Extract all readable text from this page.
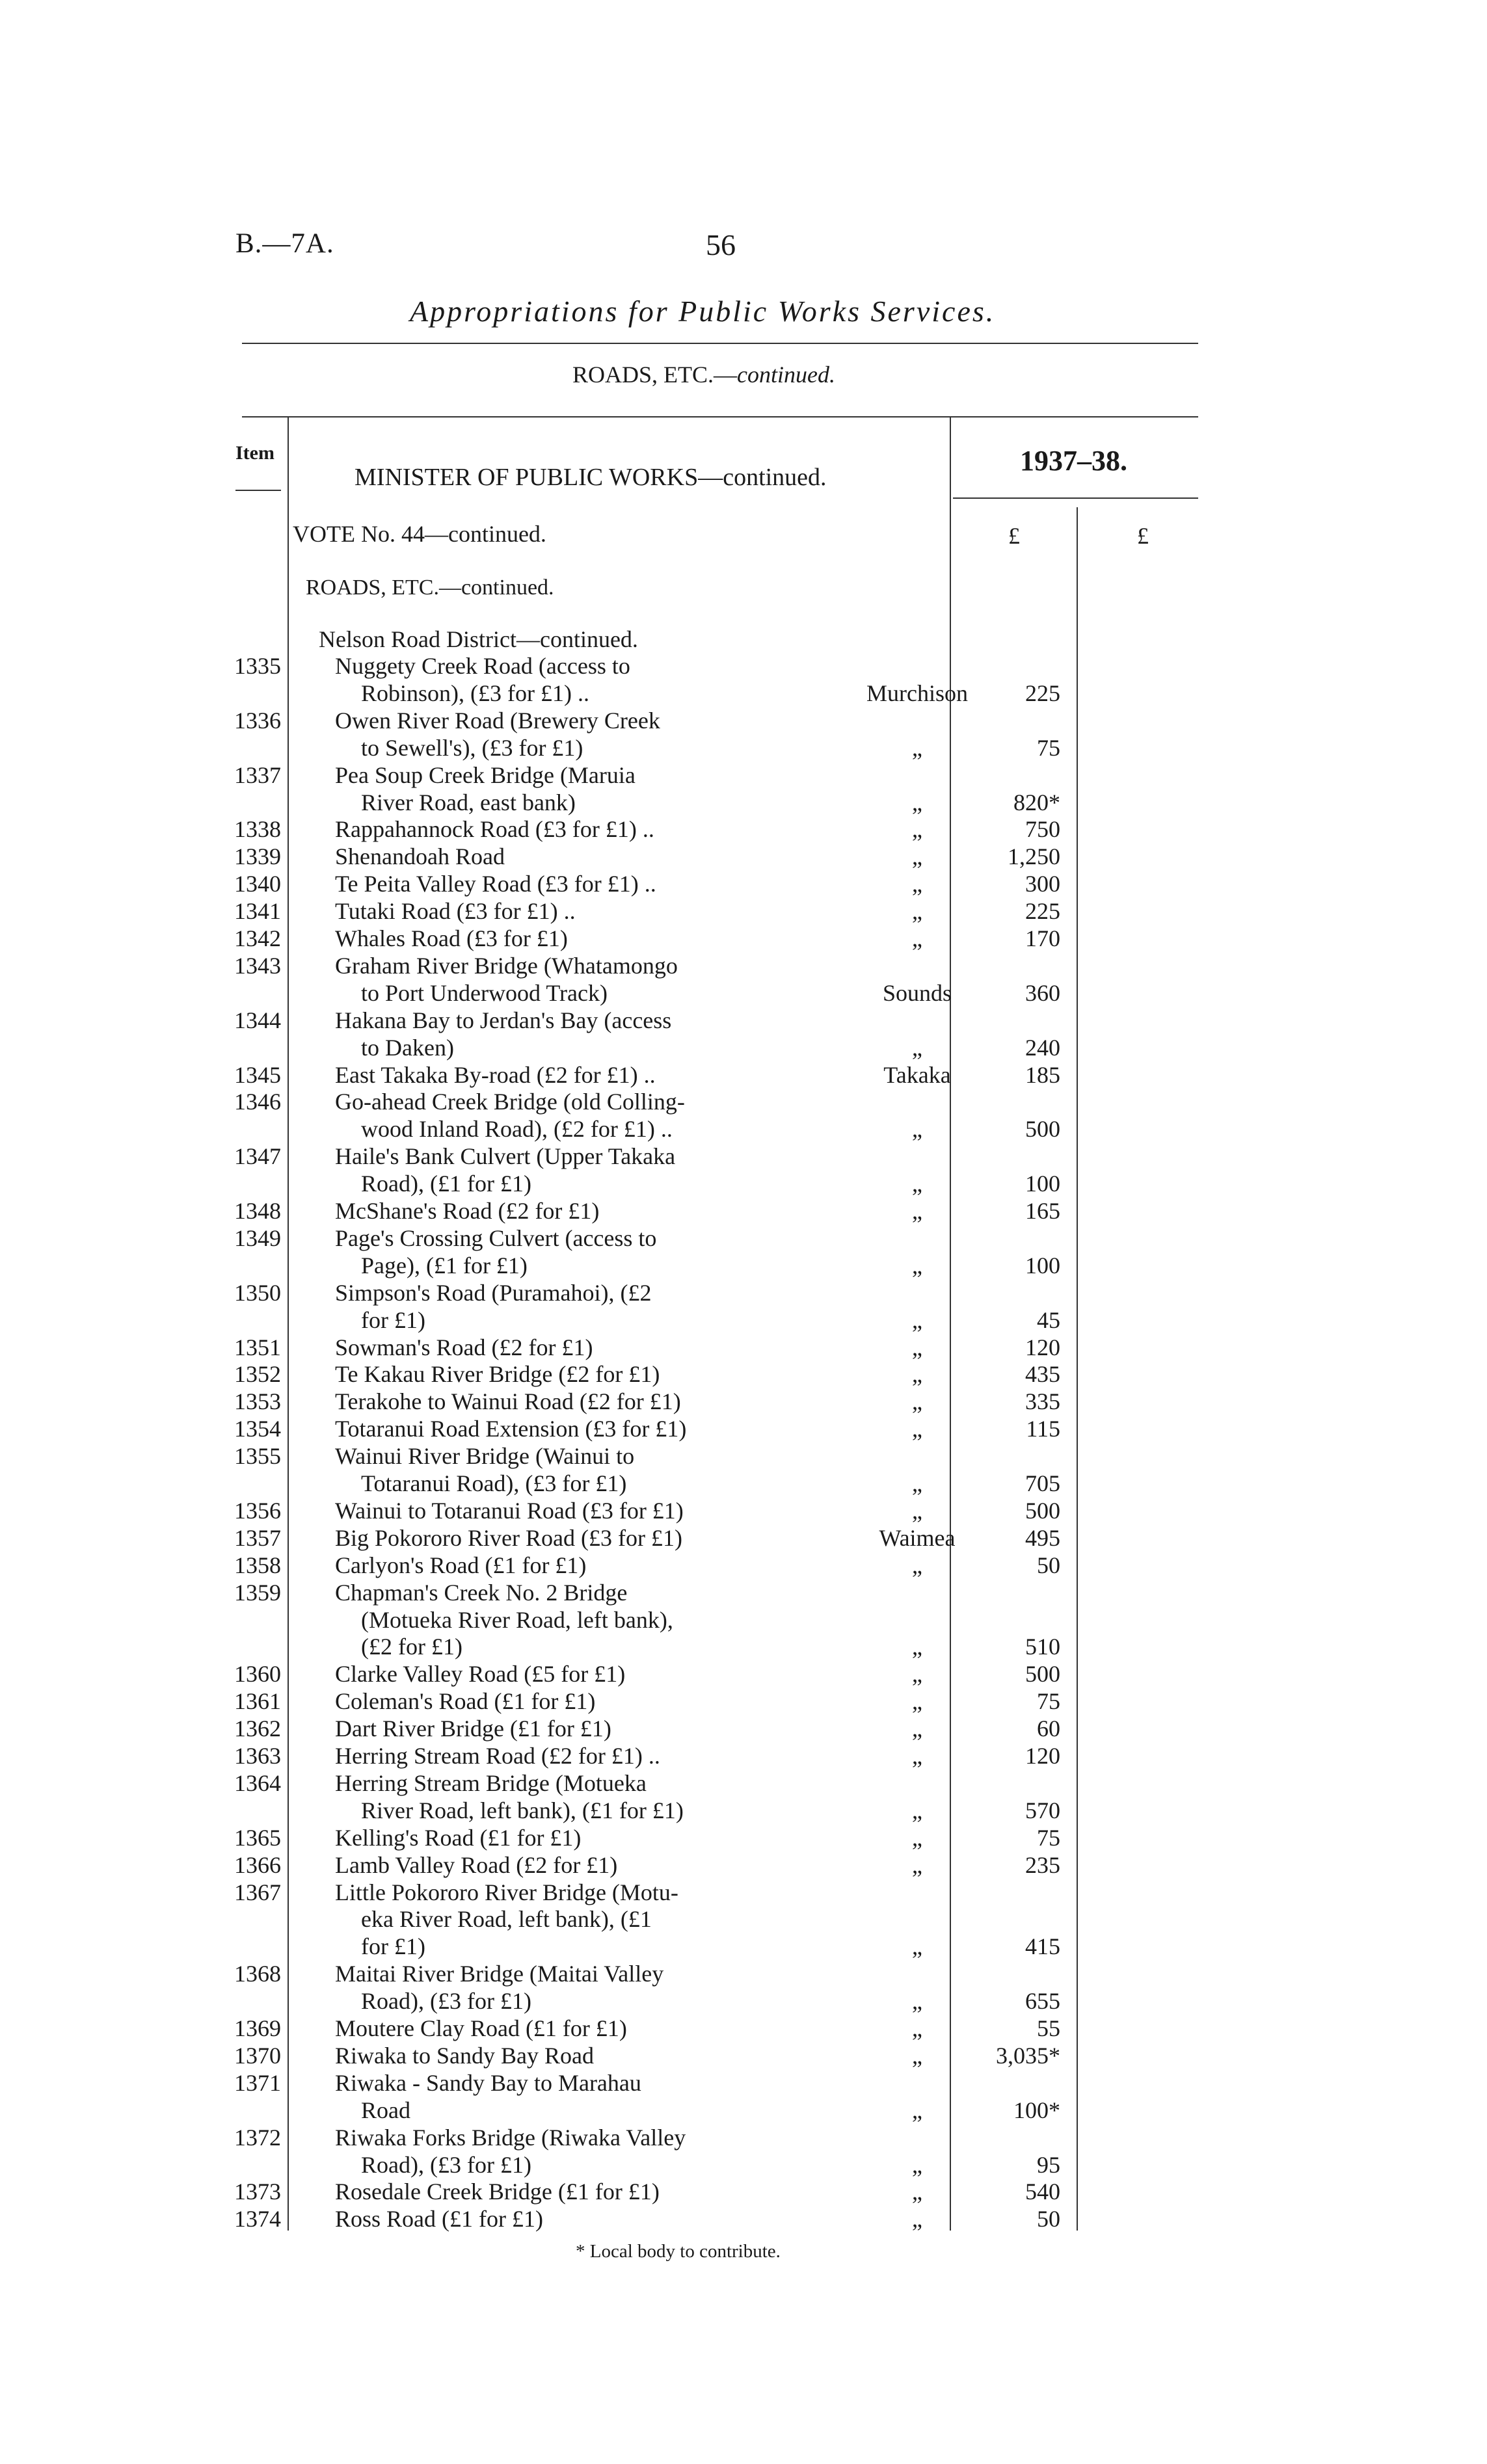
B.—7A.	56
Appropriations for Public Works Services.
ROADS, ETC.—continued.
Item	1937–38.
MINISTER OF PUBLIC WORKS—continued.
VOTE No. 44—continued.	£	£
ROADS, ETC.—continued.
Nelson Road District—continued.
1335 Nuggety Creek Road (access to
Robinson), (£3 for £1) ..	Murchison	225
1336 Owen River Road (Brewery Creek
to Sewell's), (£3 for £1)	„	75
1337 Pea Soup Creek Bridge (Maruia
River Road, east bank)	„	820*
1338 Rappahannock Road (£3 for £1) ..	„	750
1339 Shenandoah Road	„	1,250
1340 Te Peita Valley Road (£3 for £1) ..	„	300
1341 Tutaki Road (£3 for £1) ..	„	225
1342 Whales Road (£3 for £1)	„	170
1343 Graham River Bridge (Whatamongo
to Port Underwood Track)	Sounds	360
1344 Hakana Bay to Jerdan's Bay (access
to Daken)	„	240
1345 East Takaka By-road (£2 for £1) ..	Takaka	185
1346 Go-ahead Creek Bridge (old Colling-
wood Inland Road), (£2 for £1) ..	„	500
1347 Haile's Bank Culvert (Upper Takaka
Road), (£1 for £1)	„	100
1348 McShane's Road (£2 for £1)	„	165
1349 Page's Crossing Culvert (access to
Page), (£1 for £1)	„	100
1350 Simpson's Road (Puramahoi), (£2
for £1)	„	45
1351 Sowman's Road (£2 for £1)	„	120
1352 Te Kakau River Bridge (£2 for £1)	„	435
1353 Terakohe to Wainui Road (£2 for £1)	„	335
1354 Totaranui Road Extension (£3 for £1)	„	115
1355 Wainui River Bridge (Wainui to
Totaranui Road), (£3 for £1)	„	705
1356 Wainui to Totaranui Road (£3 for £1)	„	500
1357 Big Pokororo River Road (£3 for £1)	Waimea	495
1358 Carlyon's Road (£1 for £1)	„	50
1359 Chapman's Creek No. 2 Bridge
(Motueka River Road, left bank),
(£2 for £1)	„	510
1360 Clarke Valley Road (£5 for £1)	„	500
1361 Coleman's Road (£1 for £1)	„	75
1362 Dart River Bridge (£1 for £1)	„	60
1363 Herring Stream Road (£2 for £1) ..	„	120
1364 Herring Stream Bridge (Motueka
River Road, left bank), (£1 for £1)	„	570
1365 Kelling's Road (£1 for £1)	„	75
1366 Lamb Valley Road (£2 for £1)	„	235
1367 Little Pokororo River Bridge (Motu-
eka River Road, left bank), (£1
for £1)	„	415
1368 Maitai River Bridge (Maitai Valley
Road), (£3 for £1)	„	655
1369 Moutere Clay Road (£1 for £1)	„	55
1370 Riwaka to Sandy Bay Road	„	3,035*
1371 Riwaka - Sandy Bay to Marahau
Road	„	100*
1372 Riwaka Forks Bridge (Riwaka Valley
Road), (£3 for £1)	„	95
1373 Rosedale Creek Bridge (£1 for £1)	„	540
1374 Ross Road (£1 for £1)	„	50
* Local body to contribute.
